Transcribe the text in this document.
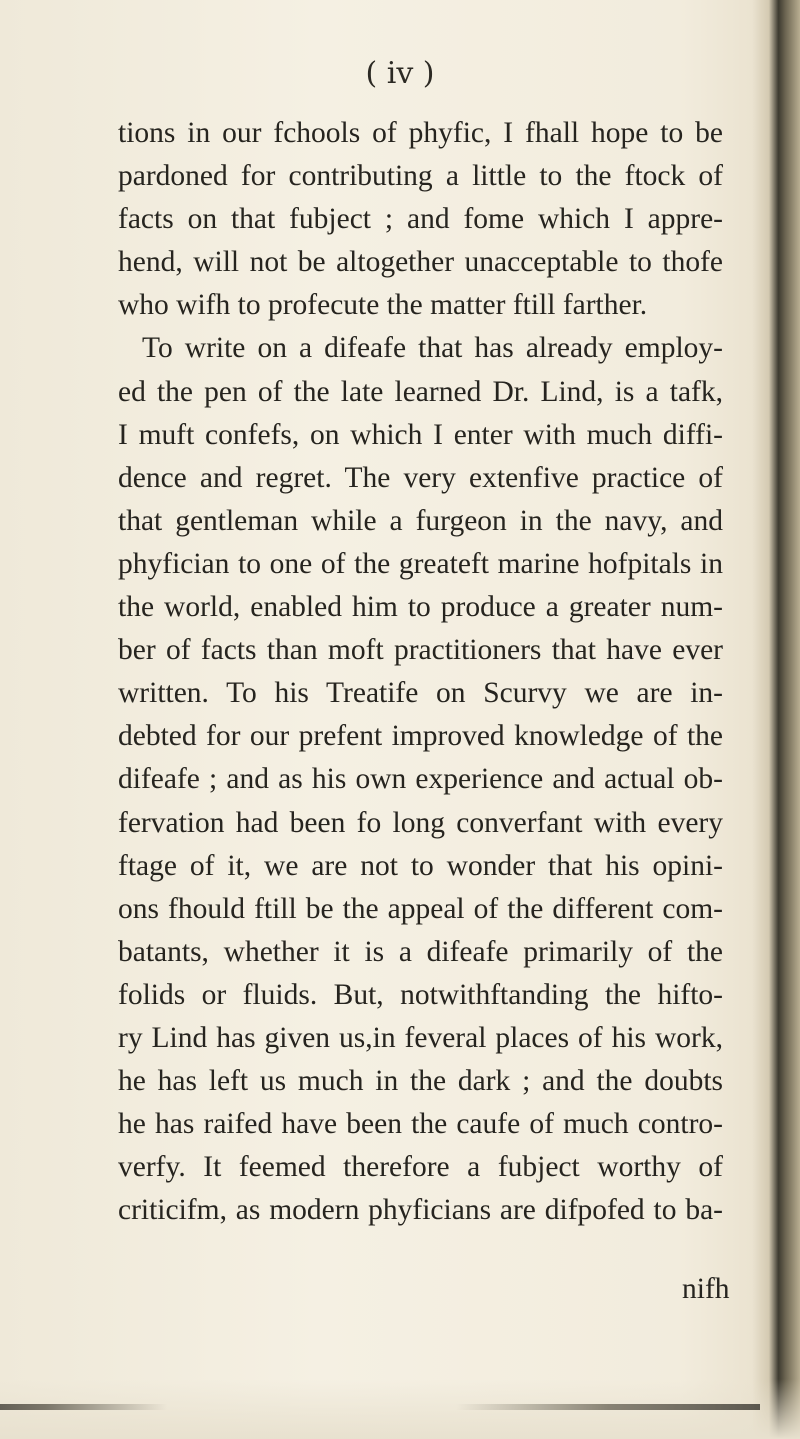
( iv )
tions in our fchools of phyfic, I fhall hope to be
pardoned for contributing a little to the ftock of
facts on that fubject ; and fome which I appre-
hend, will not be altogether unacceptable to thofe
who wifh to profecute the matter ftill farther.
To write on a difeafe that has already employ-
ed the pen of the late learned Dr. Lind, is a tafk,
I muft confefs, on which I enter with much diffi-
dence and regret. The very extenfive practice of
that gentleman while a furgeon in the navy, and
phyfician to one of the greateft marine hofpitals in
the world, enabled him to produce a greater num-
ber of facts than moft practitioners that have ever
written. To his Treatife on Scurvy we are in-
debted for our prefent improved knowledge of the
difeafe ; and as his own experience and actual ob-
fervation had been fo long converfant with every
ftage of it, we are not to wonder that his opini-
ons fhould ftill be the appeal of the different com-
batants, whether it is a difeafe primarily of the
folids or fluids. But, notwithftanding the hifto-
ry Lind has given us,in feveral places of his work,
he has left us much in the dark ; and the doubts
he has raifed have been the caufe of much contro-
verfy. It feemed therefore a fubject worthy of
criticifm, as modern phyficians are difpofed to ba-
nifh
